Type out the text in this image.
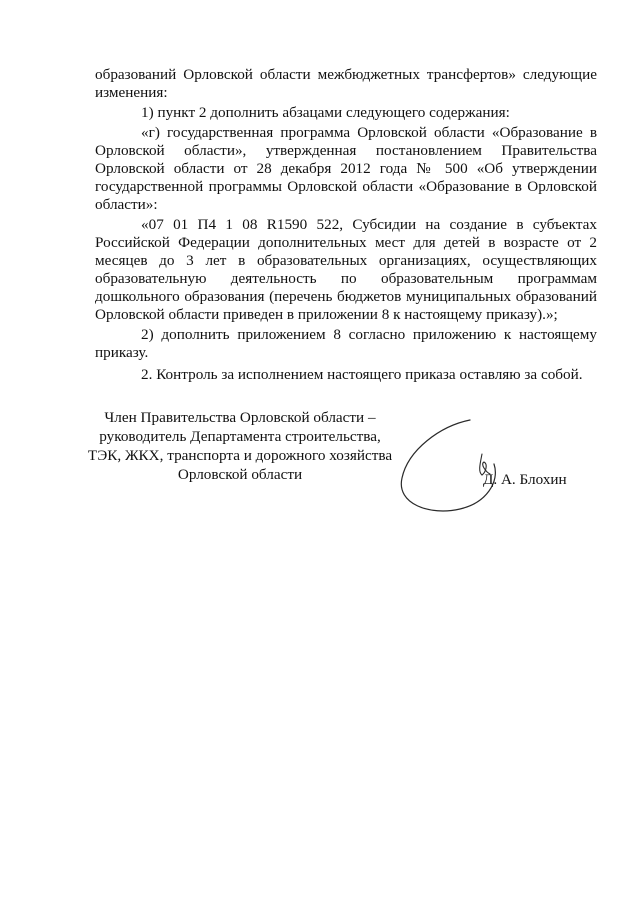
образований Орловской области межбюджетных трансфертов» следующие изменения:

1) пункт 2 дополнить абзацами следующего содержания:

«г) государственная программа Орловской области «Образование в Орловской области», утвержденная постановлением Правительства Орловской области от 28 декабря 2012 года № 500 «Об утверждении государственной программы Орловской области «Образование в Орловской области»:

«07 01 П4 1 08 R1590 522, Субсидии на создание в субъектах Российской Федерации дополнительных мест для детей в возрасте от 2 месяцев до 3 лет в образовательных организациях, осуществляющих образовательную деятельность по образовательным программам дошкольного образования (перечень бюджетов муниципальных образований Орловской области приведен в приложении 8 к настоящему приказу).»;

2) дополнить приложением 8 согласно приложению к настоящему приказу.

2. Контроль за исполнением настоящего приказа оставляю за собой.

Член Правительства Орловской области –
руководитель Департамента строительства,
ТЭК, ЖКХ, транспорта и дорожного хозяйства
Орловской области	Д. А. Блохин
